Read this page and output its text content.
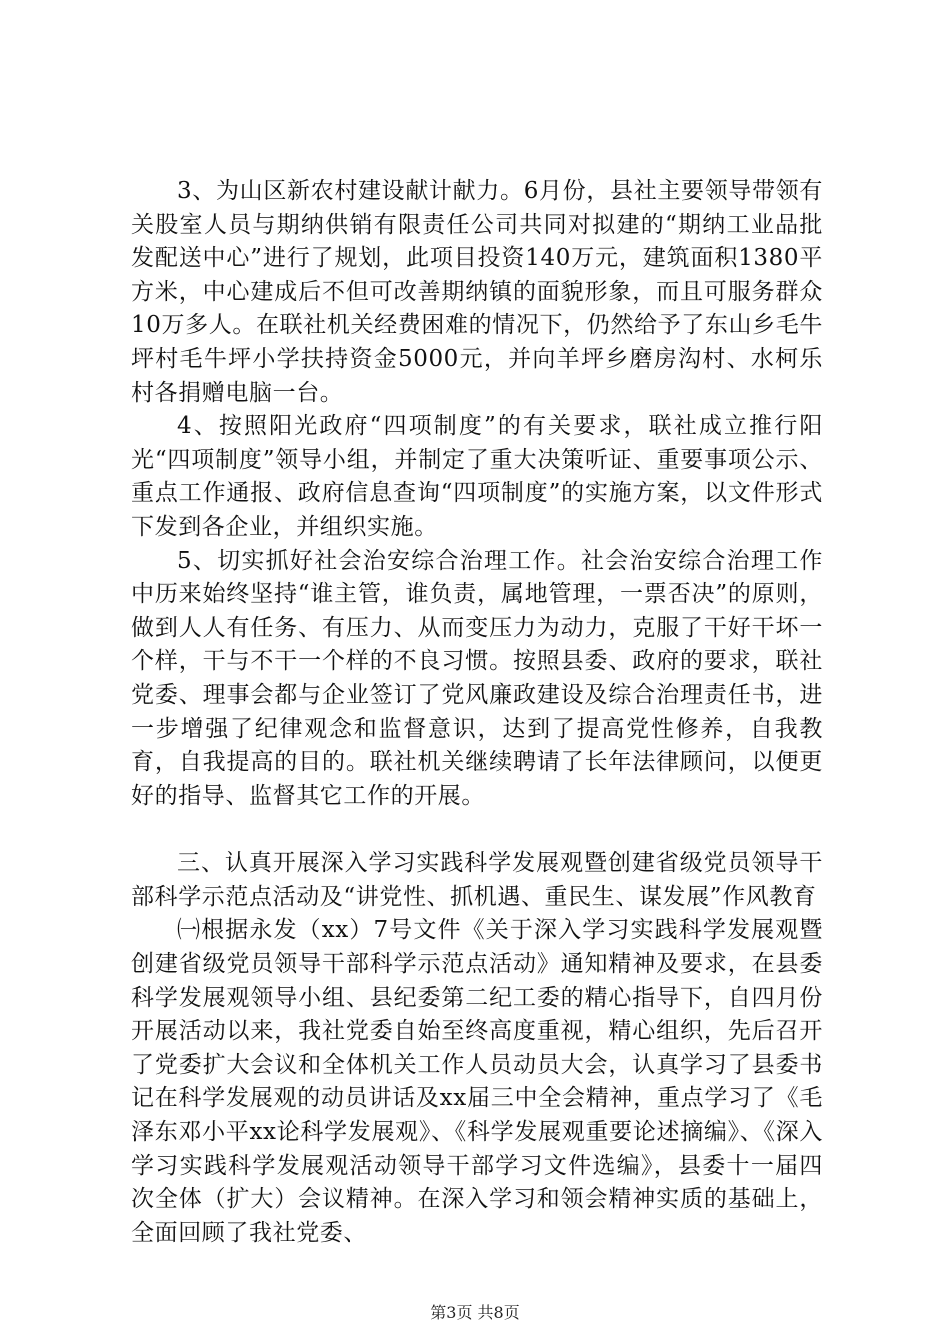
3、为山区新农村建设献计献力。6月份，县社主要领导带领有关股室人员与期纳供销有限责任公司共同对拟建的“期纳工业品批发配送中心”进行了规划，此项目投资140万元，建筑面积1380平方米，中心建成后不但可改善期纳镇的面貌形象，而且可服务群众10万多人。在联社机关经费困难的情况下，仍然给予了东山乡毛牛坪村毛牛坪小学扶持资金5000元，并向羊坪乡磨房沟村、水柯乐村各捐赠电脑一台。

4、按照阳光政府“四项制度”的有关要求，联社成立推行阳光“四项制度”领导小组，并制定了重大决策听证、重要事项公示、重点工作通报、政府信息查询“四项制度”的实施方案，以文件形式下发到各企业，并组织实施。

5、切实抓好社会治安综合治理工作。社会治安综合治理工作中历来始终坚持“谁主管，谁负责，属地管理，一票否决”的原则，做到人人有任务、有压力、从而变压力为动力，克服了干好干坏一个样，干与不干一个样的不良习惯。按照县委、政府的要求，联社党委、理事会都与企业签订了党风廉政建设及综合治理责任书，进一步增强了纪律观念和监督意识，达到了提高党性修养，自我教育，自我提高的目的。联社机关继续聘请了长年法律顾问，以便更好的指导、监督其它工作的开展。

三、认真开展深入学习实践科学发展观暨创建省级党员领导干部科学示范点活动及“讲党性、抓机遇、重民生、谋发展”作风教育

㈠根据永发（xx）7号文件《关于深入学习实践科学发展观暨创建省级党员领导干部科学示范点活动》通知精神及要求，在县委科学发展观领导小组、县纪委第二纪工委的精心指导下，自四月份开展活动以来，我社党委自始至终高度重视，精心组织，先后召开了党委扩大会议和全体机关工作人员动员大会，认真学习了县委书记在科学发展观的动员讲话及xx届三中全会精神，重点学习了《毛泽东邓小平xx论科学发展观》、《科学发展观重要论述摘编》、《深入学习实践科学发展观活动领导干部学习文件选编》，县委十一届四次全体（扩大）会议精神。在深入学习和领会精神实质的基础上，全面回顾了我社党委、

第3页 共8页
